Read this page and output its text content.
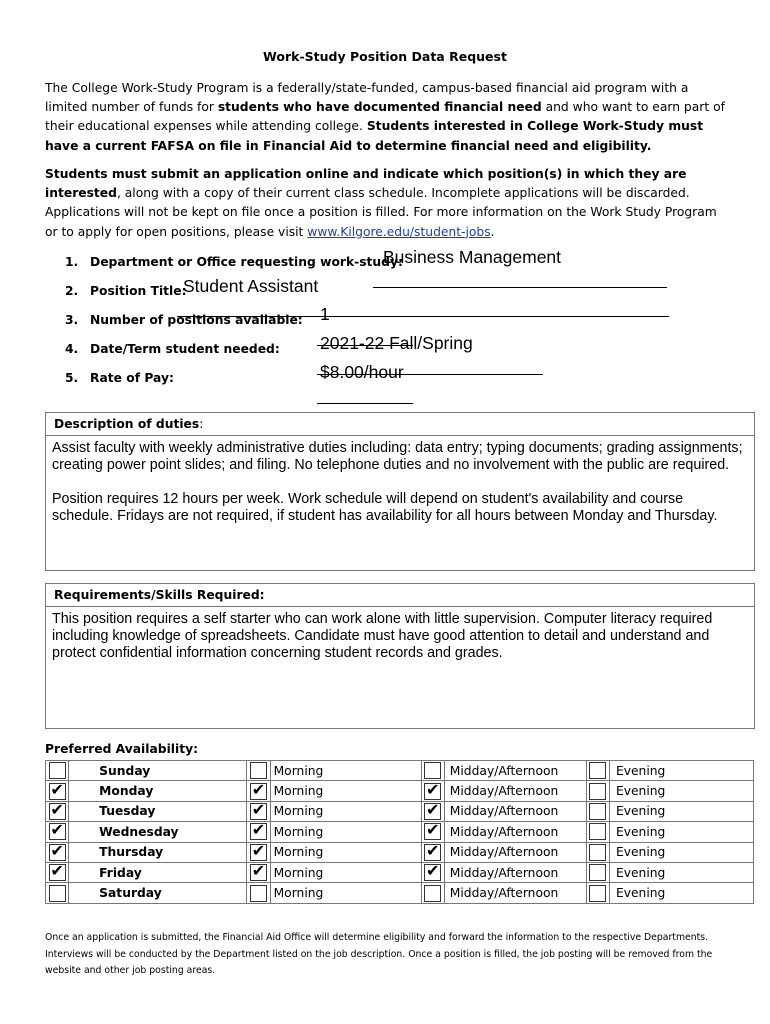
Work-Study Position Data Request
The College Work-Study Program is a federally/state-funded, campus-based financial aid program with a limited number of funds for students who have documented financial need and who want to earn part of their educational expenses while attending college. Students interested in College Work-Study must have a current FAFSA on file in Financial Aid to determine financial need and eligibility.
Students must submit an application online and indicate which position(s) in which they are interested, along with a copy of their current class schedule. Incomplete applications will be discarded. Applications will not be kept on file once a position is filled. For more information on the Work Study Program or to apply for open positions, please visit www.Kilgore.edu/student-jobs.
1. Department or Office requesting work-study:
Business Management
2. Position Title:
Student Assistant
3. Number of positions available: 1
4. Date/Term student needed: 2021-22 Fall/Spring
5. Rate of Pay:	$8.00/hour
Description of duties:

Assist faculty with weekly administrative duties including: data entry; typing documents; grading assignments; creating power point slides; and filing. No telephone duties and no involvement with the public are required.

Position requires 12 hours per week. Work schedule will depend on student's availability and course schedule. Fridays are not required, if student has availability for all hours between Monday and Thursday.

Requirements/Skills Required:

This position requires a self starter who can work alone with little supervision. Computer literacy required including knowledge of spreadsheets. Candidate must have good attention to detail and understand and protect confidential information concerning student records and grades.

Preferred Availability:
	Sunday		Morning		Midday/Afternoon		Evening

✔	Monday	✔	Morning	✔	Midday/Afternoon		Evening

✔	Tuesday	✔	Morning	✔	Midday/Afternoon		Evening

✔	Wednesday	✔	Morning	✔	Midday/Afternoon		Evening

✔	Thursday	✔	Morning	✔	Midday/Afternoon		Evening

✔	Friday	✔	Morning	✔	Midday/Afternoon		Evening
	Saturday		Morning		Midday/Afternoon		Evening
Once an application is submitted, the Financial Aid Office will determine eligibility and forward the information to the respective Departments. Interviews will be conducted by the Department listed on the job description. Once a position is filled, the job posting will be removed from the website and other job posting areas.
